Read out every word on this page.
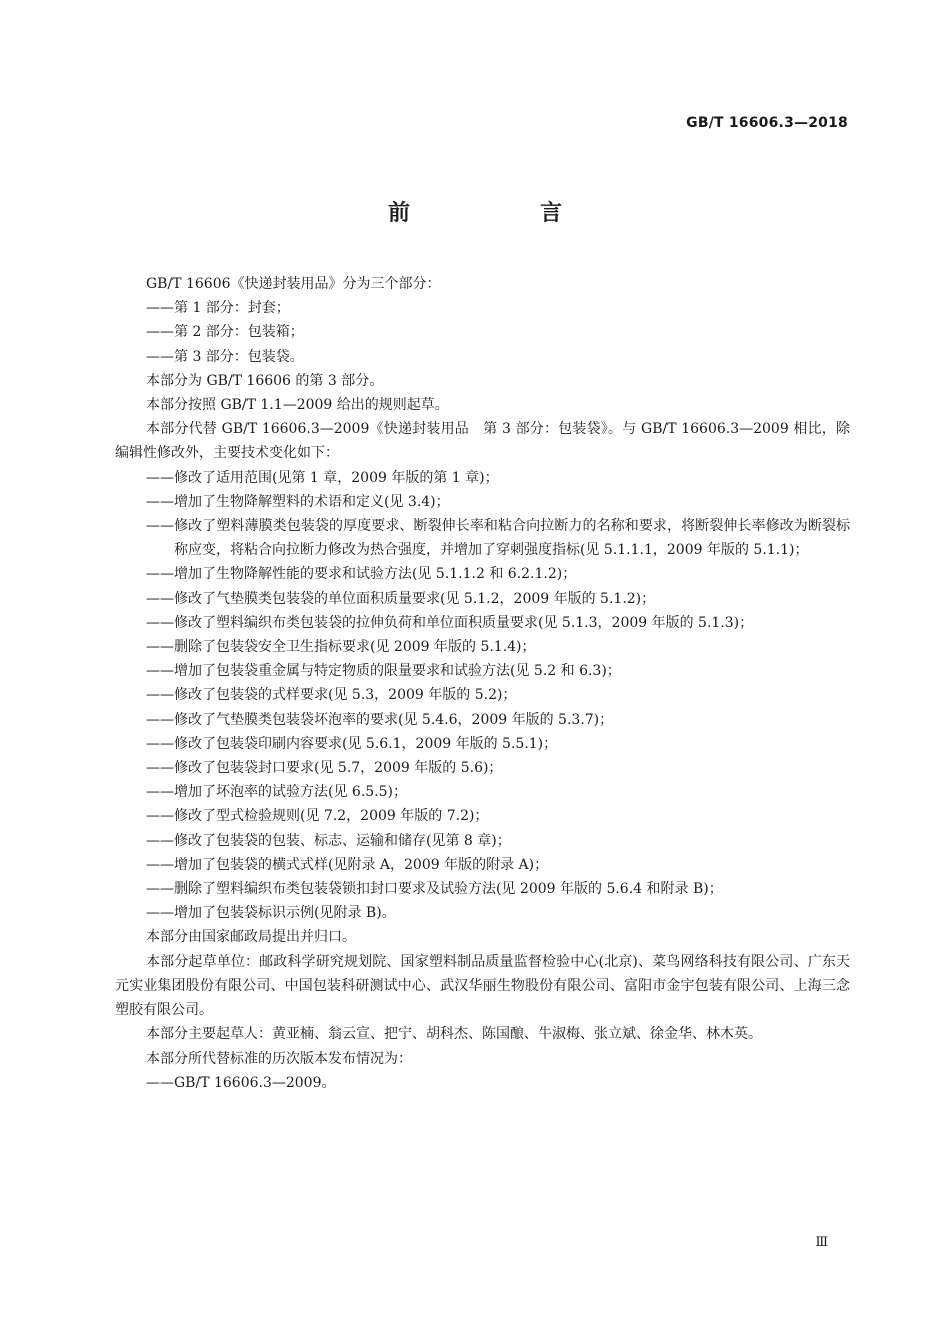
GB/T 16606.3—2018
前　言
GB/T 16606《快递封装用品》分为三个部分：
——第 1 部分：封套；
——第 2 部分：包装箱；
——第 3 部分：包装袋。
本部分为 GB/T 16606 的第 3 部分。
本部分按照 GB/T 1.1—2009 给出的规则起草。
本部分代替 GB/T 16606.3—2009《快递封装用品　第 3 部分：包装袋》。与 GB/T 16606.3—2009 相比，除编辑性修改外，主要技术变化如下：
——修改了适用范围(见第 1 章，2009 年版的第 1 章)；
——增加了生物降解塑料的术语和定义(见 3.4)；
——修改了塑料薄膜类包装袋的厚度要求、断裂伸长率和粘合向拉断力的名称和要求，将断裂伸长率修改为断裂标称应变，将粘合向拉断力修改为热合强度，并增加了穿刺强度指标(见 5.1.1.1，2009 年版的 5.1.1)；
——增加了生物降解性能的要求和试验方法(见 5.1.1.2 和 6.2.1.2)；
——修改了气垫膜类包装袋的单位面积质量要求(见 5.1.2，2009 年版的 5.1.2)；
——修改了塑料编织布类包装袋的拉伸负荷和单位面积质量要求(见 5.1.3，2009 年版的 5.1.3)；
——删除了包装袋安全卫生指标要求(见 2009 年版的 5.1.4)；
——增加了包装袋重金属与特定物质的限量要求和试验方法(见 5.2 和 6.3)；
——修改了包装袋的式样要求(见 5.3，2009 年版的 5.2)；
——修改了气垫膜类包装袋坏泡率的要求(见 5.4.6，2009 年版的 5.3.7)；
——修改了包装袋印刷内容要求(见 5.6.1，2009 年版的 5.5.1)；
——修改了包装袋封口要求(见 5.7，2009 年版的 5.6)；
——增加了坏泡率的试验方法(见 6.5.5)；
——修改了型式检验规则(见 7.2，2009 年版的 7.2)；
——修改了包装袋的包装、标志、运输和储存(见第 8 章)；
——增加了包装袋的横式式样(见附录 A，2009 年版的附录 A)；
——删除了塑料编织布类包装袋锁扣封口要求及试验方法(见 2009 年版的 5.6.4 和附录 B)；
——增加了包装袋标识示例(见附录 B)。
本部分由国家邮政局提出并归口。
本部分起草单位：邮政科学研究规划院、国家塑料制品质量监督检验中心(北京)、菜鸟网络科技有限公司、广东天元实业集团股份有限公司、中国包装科研测试中心、武汉华丽生物股份有限公司、富阳市金宇包装有限公司、上海三念塑胶有限公司。
本部分主要起草人：黄亚楠、翁云宣、把宁、胡科杰、陈国酿、牛淑梅、张立斌、徐金华、林木英。
本部分所代替标准的历次版本发布情况为：
——GB/T 16606.3—2009。
Ⅲ
